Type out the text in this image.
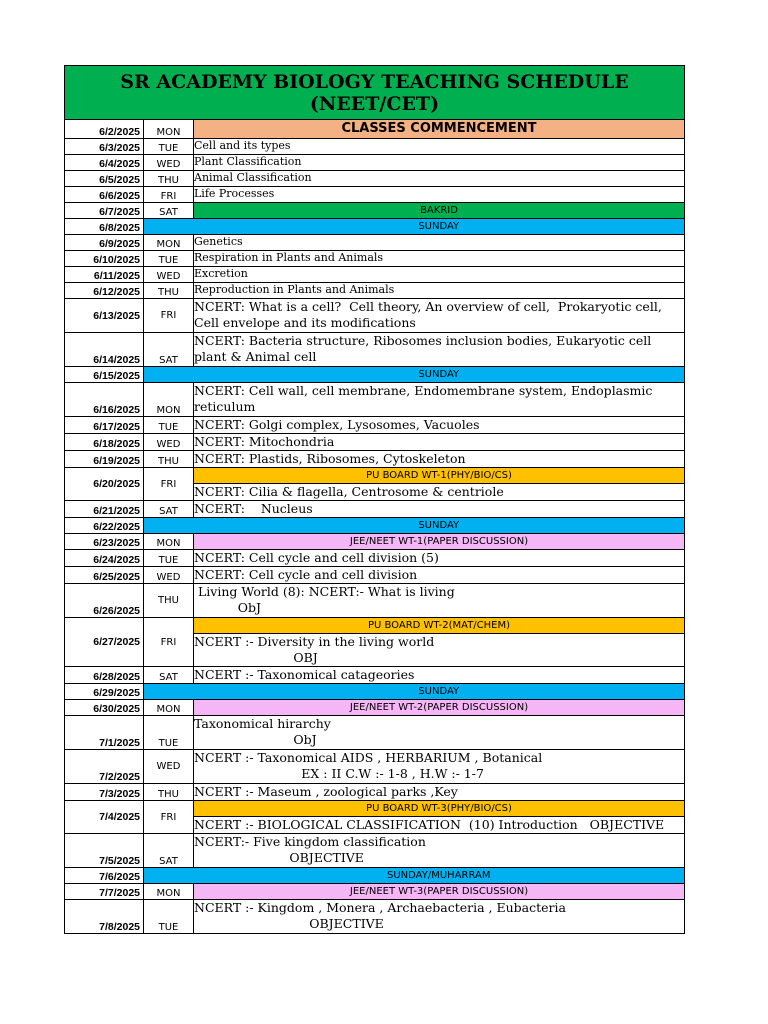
SR ACADEMY BIOLOGY TEACHING SCHEDULE (NEET/CET)		
6/2/2025	MON	CLASSES COMMENCEMENT
6/3/2025	TUE	Cell and its types
6/4/2025	WED	Plant Classification
6/5/2025	THU	Animal Classification
6/6/2025	FRI	Life Processes
6/7/2025	SAT	BAKRID
6/8/2025		SUNDAY
6/9/2025	MON	Genetics
6/10/2025	TUE	Respiration in Plants and Animals
6/11/2025	WED	Excretion
6/12/2025	THU	Reproduction in Plants and Animals
6/13/2025	FRI	NCERT: What is a cell?  Cell theory, An overview of cell,  Prokaryotic cell, Cell envelope and its modifications
6/14/2025	SAT	NCERT: Bacteria structure, Ribosomes inclusion bodies, Eukaryotic cell plant & Animal cell
6/15/2025		SUNDAY
6/16/2025	MON	NCERT: Cell wall, cell membrane, Endomembrane system, Endoplasmic reticulum
6/17/2025	TUE	NCERT: Golgi complex, Lysosomes, Vacuoles
6/18/2025	WED	NCERT: Mitochondria
6/19/2025	THU	NCERT: Plastids, Ribosomes, Cytoskeleton
6/20/2025	FRI	PU BOARD WT-1(PHY/BIO/CS)
		NCERT: Cilia & flagella, Centrosome & centriole
6/21/2025	SAT	NCERT:    Nucleus
6/22/2025		SUNDAY
6/23/2025	MON	JEE/NEET WT-1(PAPER DISCUSSION)
6/24/2025	TUE	NCERT: Cell cycle and cell division (5)
6/25/2025	WED	NCERT: Cell cycle and cell division
6/26/2025	THU	Living World (8): NCERT:- What is living
ObJ
6/27/2025	FRI	PU BOARD WT-2(MAT/CHEM)
		NCERT :- Diversity in the living world
OBJ
6/28/2025	SAT	NCERT :- Taxonomical catageories
6/29/2025		SUNDAY
6/30/2025	MON	JEE/NEET WT-2(PAPER DISCUSSION)
7/1/2025	TUE	Taxonomical hirarchy
ObJ
7/2/2025	WED	NCERT :- Taxonomical AIDS , HERBARIUM , Botanical
EX : II C.W :- 1-8 , H.W :- 1-7
7/3/2025	THU	NCERT :- Maseum , zoological parks ,Key
7/4/2025	FRI	PU BOARD WT-3(PHY/BIO/CS)
		NCERT :- BIOLOGICAL CLASSIFICATION  (10) Introduction   OBJECTIVE
7/5/2025	SAT	NCERT:- Five kingdom classification
OBJECTIVE
7/6/2025		SUNDAY/MUHARRAM
7/7/2025	MON	JEE/NEET WT-3(PAPER DISCUSSION)
7/8/2025	TUE	NCERT :- Kingdom , Monera , Archaebacteria , Eubacteria
OBJECTIVE
